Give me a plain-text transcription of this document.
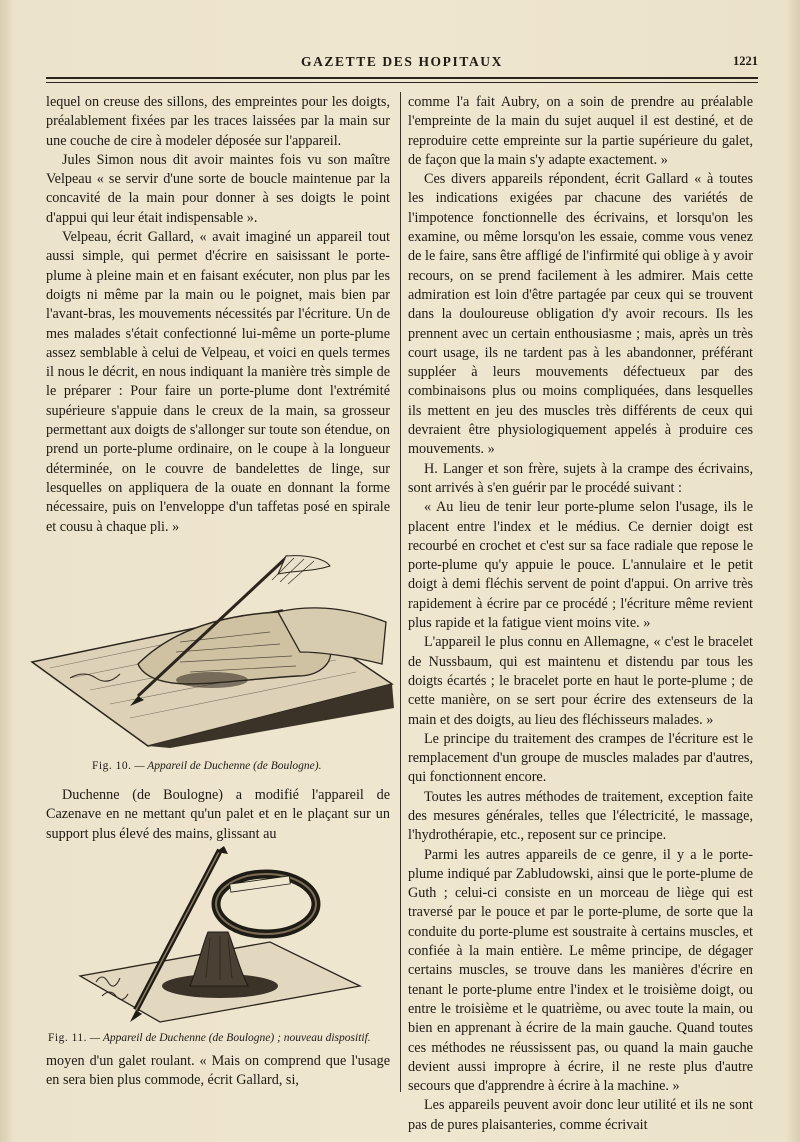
GAZETTE DES HOPITAUX	1221

lequel on creuse des sillons, des empreintes pour les doigts, préalablement fixées par les traces laissées par la main sur une couche de cire à modeler déposée sur l'appareil.

Jules Simon nous dit avoir maintes fois vu son maître Velpeau « se servir d'une sorte de boucle maintenue par la concavité de la main pour donner à ses doigts le point d'appui qui leur était indispensable ».

Velpeau, écrit Gallard, « avait imaginé un appareil tout aussi simple, qui permet d'écrire en saisissant le porte-plume à pleine main et en faisant exécuter, non plus par les doigts ni même par la main ou le poignet, mais bien par l'avant-bras, les mouvements nécessités par l'écriture. Un de mes malades s'était confectionné lui-même un porte-plume assez semblable à celui de Velpeau, et voici en quels termes il nous le décrit, en nous indiquant la manière très simple de le préparer : Pour faire un porte-plume dont l'extrémité supérieure s'appuie dans le creux de la main, sa grosseur permettant aux doigts de s'allonger sur toute son étendue, on prend un porte-plume ordinaire, on le coupe à la longueur déterminée, on le couvre de bandelettes de linge, sur lesquelles on appliquera de la ouate en donnant la forme nécessaire, puis on l'enveloppe d'un taffetas posé en spirale et cousu à chaque pli. »

Fig. 10. — Appareil de Duchenne (de Boulogne).

Duchenne (de Boulogne) a modifié l'appareil de Cazenave en ne mettant qu'un palet et en le plaçant sur un support plus élevé des mains, glissant au

Fig. 11. — Appareil de Duchenne (de Boulogne) ; nouveau dispositif.

moyen d'un galet roulant. « Mais on comprend que l'usage en sera bien plus commode, écrit Gallard, si,

comme l'a fait Aubry, on a soin de prendre au préalable l'empreinte de la main du sujet auquel il est destiné, et de reproduire cette empreinte sur la partie supérieure du galet, de façon que la main s'y adapte exactement. »

Ces divers appareils répondent, écrit Gallard « à toutes les indications exigées par chacune des variétés de l'impotence fonctionnelle des écrivains, et lorsqu'on les examine, ou même lorsqu'on les essaie, comme vous venez de le faire, sans être affligé de l'infirmité qui oblige à y avoir recours, on se prend facilement à les admirer. Mais cette admiration est loin d'être partagée par ceux qui se trouvent dans la douloureuse obligation d'y avoir recours. Ils les prennent avec un certain enthousiasme ; mais, après un très court usage, ils ne tardent pas à les abandonner, préférant suppléer à leurs mouvements défectueux par des combinaisons plus ou moins compliquées, dans lesquelles ils mettent en jeu des muscles très différents de ceux qui devraient être physiologiquement appelés à produire ces mouvements. »

H. Langer et son frère, sujets à la crampe des écrivains, sont arrivés à s'en guérir par le procédé suivant :

« Au lieu de tenir leur porte-plume selon l'usage, ils le placent entre l'index et le médius. Ce dernier doigt est recourbé en crochet et c'est sur sa face radiale que repose le porte-plume qu'y appuie le pouce. L'annulaire et le petit doigt à demi fléchis servent de point d'appui. On arrive très rapidement à écrire par ce procédé ; l'écriture même revient plus rapide et la fatigue vient moins vite. »

L'appareil le plus connu en Allemagne, « c'est le bracelet de Nussbaum, qui est maintenu et distendu par tous les doigts écartés ; le bracelet porte en haut le porte-plume ; de cette manière, on se sert pour écrire des extenseurs de la main et des doigts, au lieu des fléchisseurs malades. »

Le principe du traitement des crampes de l'écriture est le remplacement d'un groupe de muscles malades par d'autres, qui fonctionnent encore.

Toutes les autres méthodes de traitement, exception faite des mesures générales, telles que l'électricité, le massage, l'hydrothérapie, etc., reposent sur ce principe.

Parmi les autres appareils de ce genre, il y a le porte-plume indiqué par Zabludowski, ainsi que le porte-plume de Guth ; celui-ci consiste en un morceau de liège qui est traversé par le pouce et par le porte-plume, de sorte que la conduite du porte-plume est soustraite à certains muscles, et confiée à la main entière. Le même principe, de dégager certains muscles, se trouve dans les manières d'écrire en tenant le porte-plume entre l'index et le troisième doigt, ou entre le troisième et le quatrième, ou avec toute la main, ou bien en apprenant à écrire de la main gauche. Quand toutes ces méthodes ne réussissent pas, ou quand la main gauche devient aussi impropre à écrire, il ne reste plus d'autre secours que d'apprendre à écrire à la machine. »

Les appareils peuvent avoir donc leur utilité et ils ne sont pas de pures plaisanteries, comme écrivait
